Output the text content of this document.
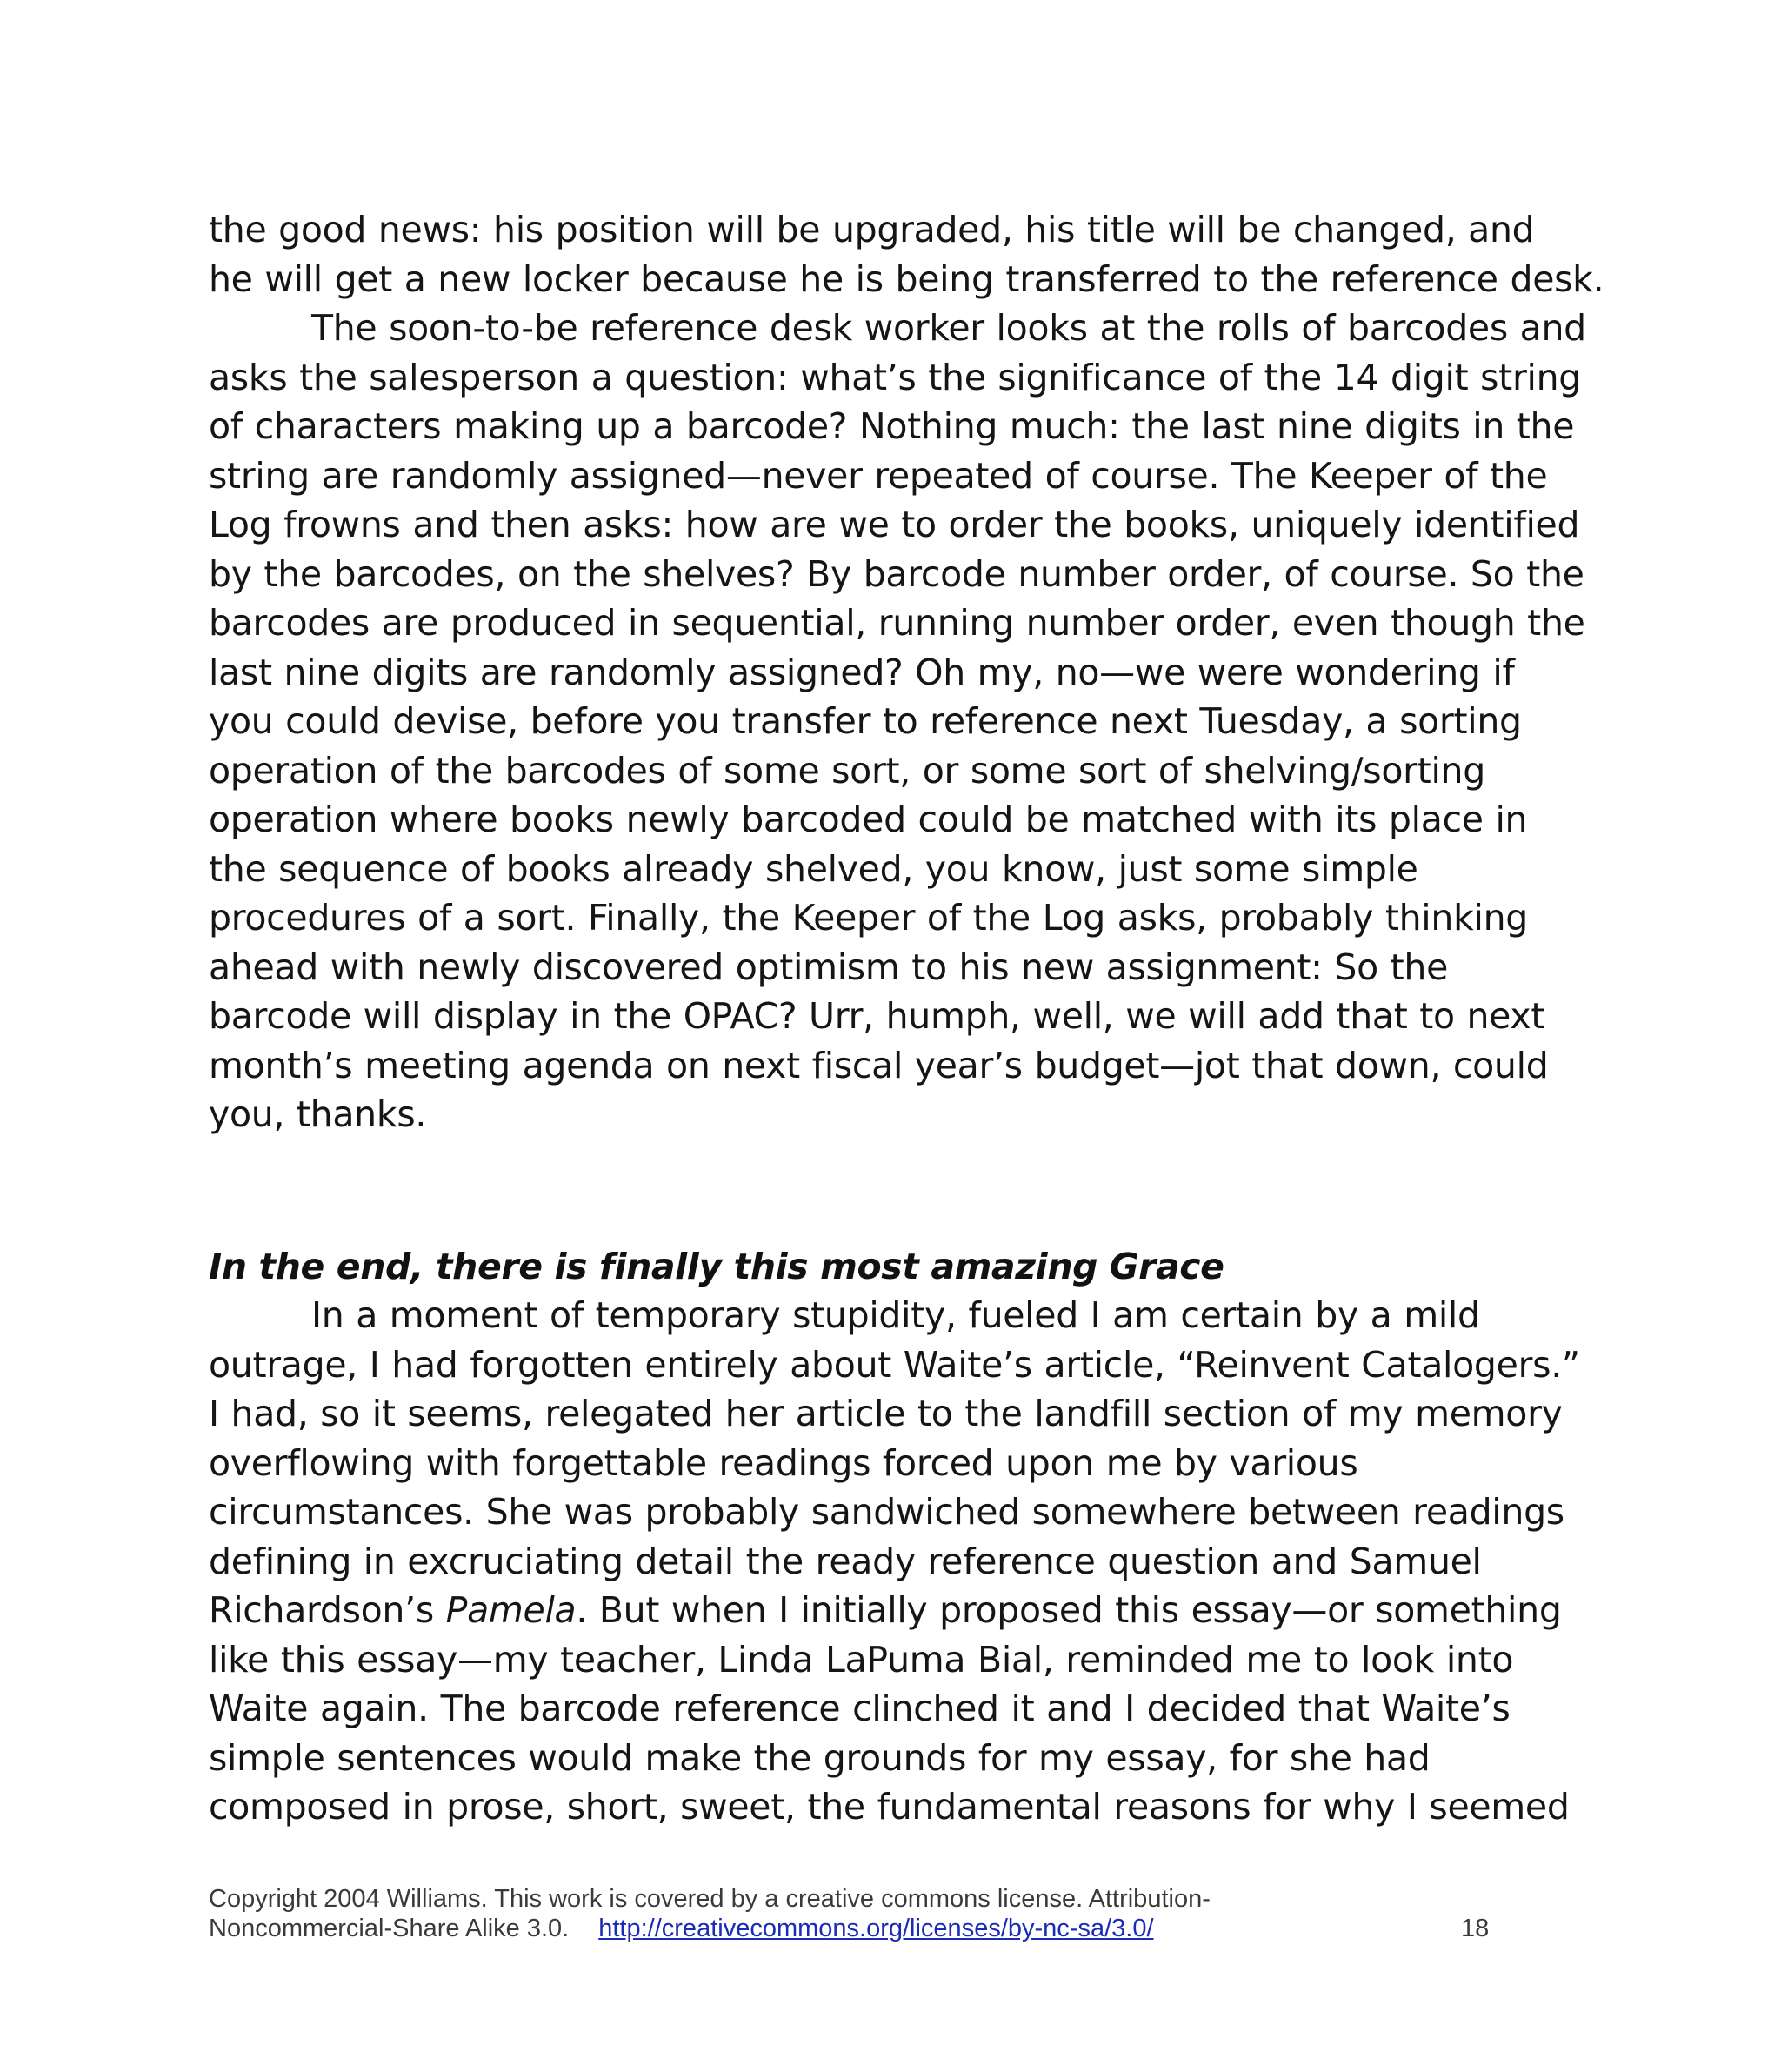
the good news: his position will be upgraded, his title will be changed, and
he will get a new locker because he is being transferred to the reference desk.
The soon-to-be reference desk worker looks at the rolls of barcodes and
asks the salesperson a question: what’s the significance of the 14 digit string
of characters making up a barcode? Nothing much: the last nine digits in the
string are randomly assigned—never repeated of course. The Keeper of the
Log frowns and then asks: how are we to order the books, uniquely identified
by the barcodes, on the shelves? By barcode number order, of course. So the
barcodes are produced in sequential, running number order, even though the
last nine digits are randomly assigned? Oh my, no—we were wondering if
you could devise, before you transfer to reference next Tuesday, a sorting
operation of the barcodes of some sort, or some sort of shelving/sorting
operation where books newly barcoded could be matched with its place in
the sequence of books already shelved, you know, just some simple
procedures of a sort. Finally, the Keeper of the Log asks, probably thinking
ahead with newly discovered optimism to his new assignment: So the
barcode will display in the OPAC? Urr, humph, well, we will add that to next
month’s meeting agenda on next fiscal year’s budget—jot that down, could
you, thanks.
In the end, there is finally this most amazing Grace
In a moment of temporary stupidity, fueled I am certain by a mild
outrage, I had forgotten entirely about Waite’s article, “Reinvent Catalogers.”
I had, so it seems, relegated her article to the landfill section of my memory
overflowing with forgettable readings forced upon me by various
circumstances. She was probably sandwiched somewhere between readings
defining in excruciating detail the ready reference question and Samuel
Richardson’s Pamela. But when I initially proposed this essay—or something
like this essay—my teacher, Linda LaPuma Bial, reminded me to look into
Waite again. The barcode reference clinched it and I decided that Waite’s
simple sentences would make the grounds for my essay, for she had
composed in prose, short, sweet, the fundamental reasons for why I seemed
Copyright 2004 Williams. This work is covered by a creative commons license. Attribution-
Noncommercial-Share Alike 3.0. http://creativecommons.org/licenses/by-nc-sa/3.0/	18
